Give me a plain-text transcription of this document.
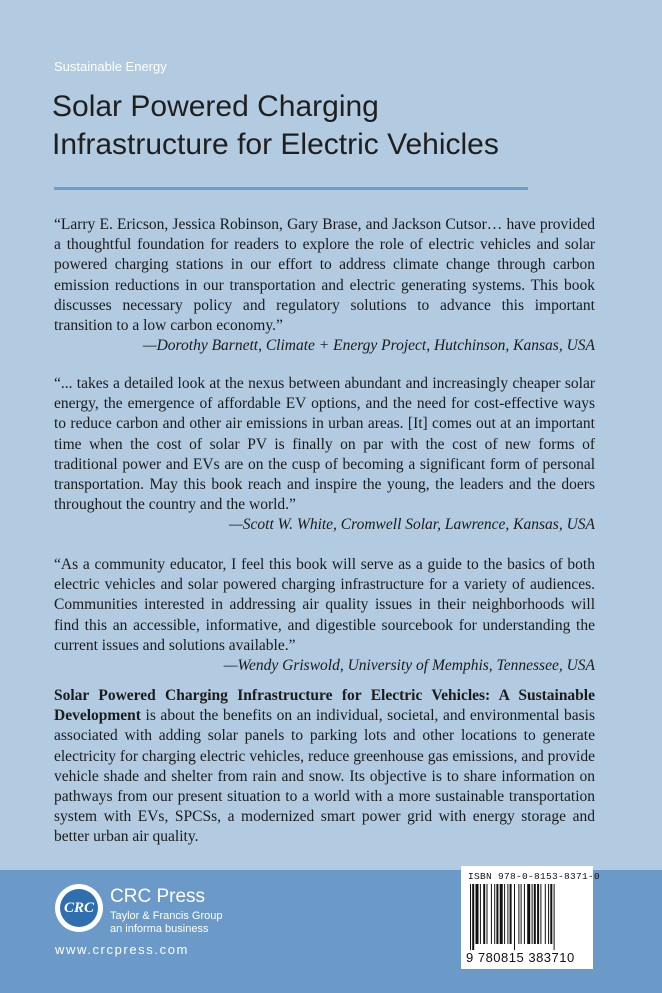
Sustainable Energy
Solar Powered Charging
Infrastructure for Electric Vehicles
“Larry E. Ericson, Jessica Robinson, Gary Brase, and Jackson Cutsor… have provided a thoughtful foundation for readers to explore the role of electric vehicles and solar powered charging stations in our effort to address climate change through carbon emission reductions in our transportation and electric generating systems. This book discusses necessary policy and regulatory solutions to advance this important transition to a low carbon economy.”
—Dorothy Barnett, Climate + Energy Project, Hutchinson, Kansas, USA
“... takes a detailed look at the nexus between abundant and increasingly cheaper solar energy, the emergence of affordable EV options, and the need for cost-effective ways to reduce carbon and other air emissions in urban areas. [It] comes out at an important time when the cost of solar PV is finally on par with the cost of new forms of traditional power and EVs are on the cusp of becoming a significant form of personal transportation. May this book reach and inspire the young, the leaders and the doers throughout the country and the world.”
—Scott W. White, Cromwell Solar, Lawrence, Kansas, USA
“As a community educator, I feel this book will serve as a guide to the basics of both electric vehicles and solar powered charging infrastructure for a variety of audiences. Communities interested in addressing air quality issues in their neighborhoods will find this an accessible, informative, and digestible sourcebook for understanding the current issues and solutions available.”
—Wendy Griswold, University of Memphis, Tennessee, USA
Solar Powered Charging Infrastructure for Electric Vehicles: A Sustainable Development is about the benefits on an individual, societal, and environmental basis associated with adding solar panels to parking lots and other locations to generate electricity for charging electric vehicles, reduce greenhouse gas emissions, and provide vehicle shade and shelter from rain and snow. Its objective is to share information on pathways from our present situation to a world with a more sustainable transportation system with EVs, SPCSs, a modernized smart power grid with energy storage and better urban air quality.
CRC
CRC Press
Taylor & Francis Group
an informa business
www.crcpress.com
ISBN 978-0-8153-8371-0
9 780815 383710
